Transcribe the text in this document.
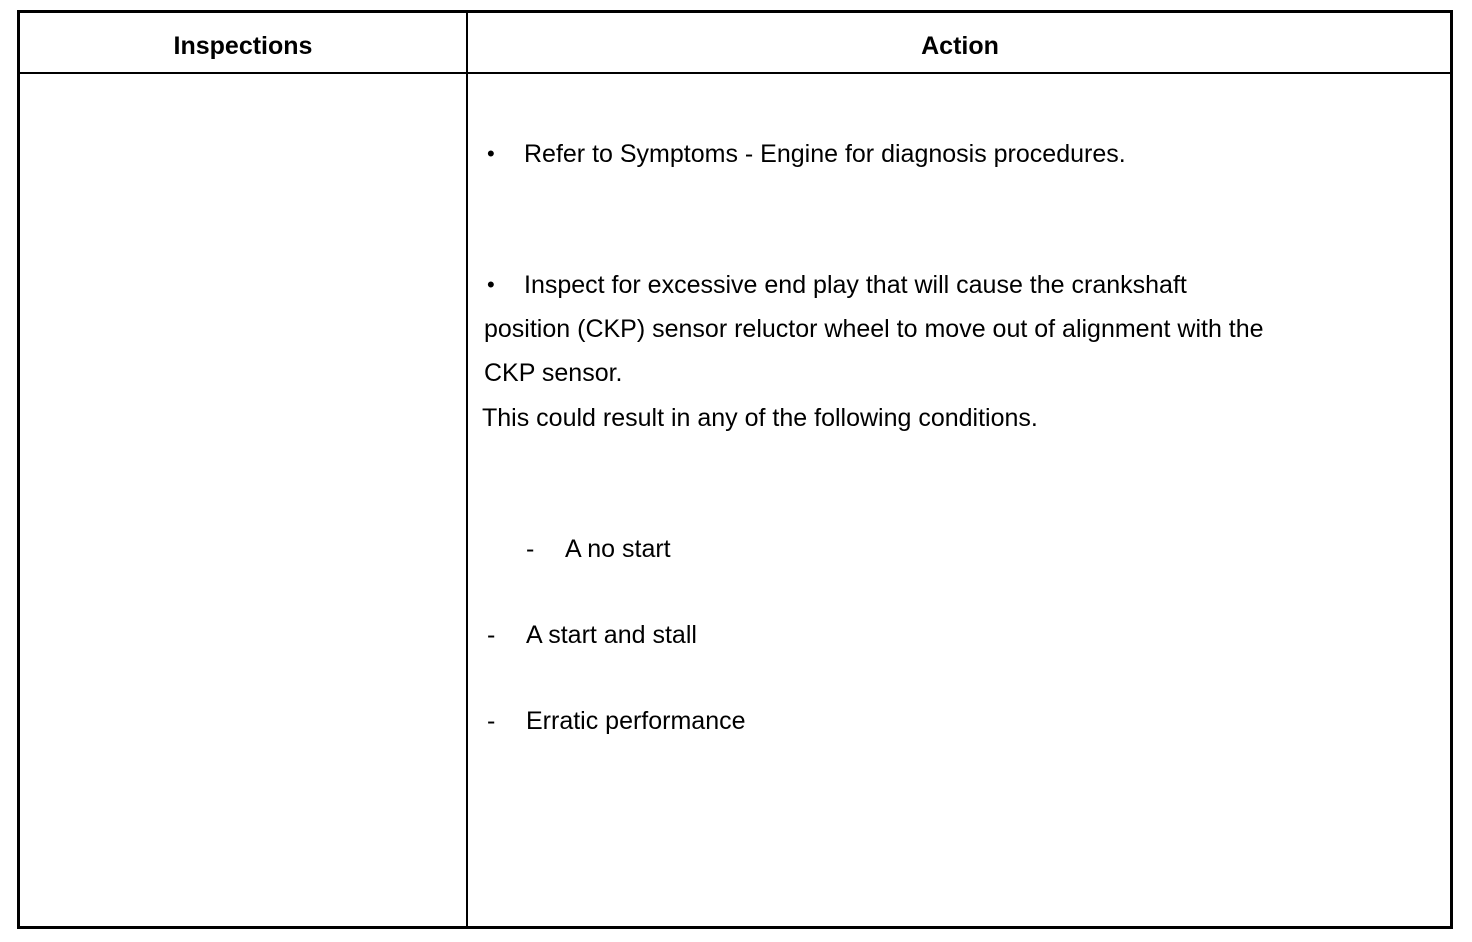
Inspections	Action
• Refer to Symptoms - Engine for diagnosis procedures.
• Inspect for excessive end play that will cause the crankshaft
position (CKP) sensor reluctor wheel to move out of alignment with the
CKP sensor.
This could result in any of the following conditions.
- A no start
- A start and stall
- Erratic performance
